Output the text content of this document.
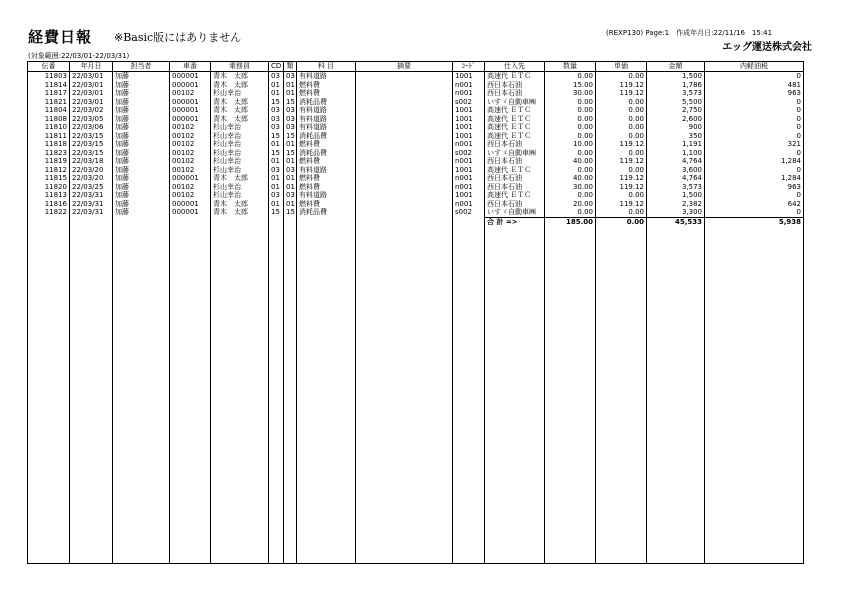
経費日報 ※Basic版にはありません	(REXP130) Page:1　作成年月日:22/11/16　15:41
エッグ運送株式会社
(対象範囲:22/03/01-22/03/31)
伝番	年月日	担当者	車番	乗務員	CD	類	科 目	摘要	ｺｰﾄﾞ	仕入先	数量	単価	金額	内軽油税
11803	22/03/01	加藤	000001	青木　太郎	03	03	有料道路		1001	高速代 ＥＴＣ	0.00	0.00	1,500	0
11814	22/03/01	加藤	000001	青木　太郎	01	01	燃料費		n001	西日本石油	15.00	119.12	1,786	481
11817	22/03/01	加藤	00102	杉山幸治	01	01	燃料費		n001	西日本石油	30.00	119.12	3,573	963
11821	22/03/01	加藤	000001	青木　太郎	15	15	消耗品費		s002	いすゞ自動車㈱	0.00	0.00	5,500	0
11804	22/03/02	加藤	000001	青木　太郎	03	03	有料道路		1001	高速代 ＥＴＣ	0.00	0.00	2,750	0
11808	22/03/05	加藤	000001	青木　太郎	03	03	有料道路		1001	高速代 ＥＴＣ	0.00	0.00	2,600	0
11810	22/03/06	加藤	00102	杉山幸治	03	03	有料道路		1001	高速代 ＥＴＣ	0.00	0.00	900	0
11811	22/03/15	加藤	00102	杉山幸治	15	15	消耗品費		1001	高速代 ＥＴＣ	0.00	0.00	350	0
11818	22/03/15	加藤	00102	杉山幸治	01	01	燃料費		n001	西日本石油	10.00	119.12	1,191	321
11823	22/03/15	加藤	00102	杉山幸治	15	15	消耗品費		s002	いすゞ自動車㈱	0.00	0.00	1,100	0
11819	22/03/18	加藤	00102	杉山幸治	01	01	燃料費		n001	西日本石油	40.00	119.12	4,764	1,284
11812	22/03/20	加藤	00102	杉山幸治	03	03	有料道路		1001	高速代 ＥＴＣ	0.00	0.00	3,600	0
11815	22/03/20	加藤	000001	青木　太郎	01	01	燃料費		n001	西日本石油	40.00	119.12	4,764	1,284
11820	22/03/25	加藤	00102	杉山幸治	01	01	燃料費		n001	西日本石油	30.00	119.12	3,573	963
11813	22/03/31	加藤	00102	杉山幸治	03	03	有料道路		1001	高速代 ＥＴＣ	0.00	0.00	1,500	0
11816	22/03/31	加藤	000001	青木　太郎	01	01	燃料費		n001	西日本石油	20.00	119.12	2,382	642
11822	22/03/31	加藤	000001	青木　太郎	15	15	消耗品費		s002	いすゞ自動車㈱	0.00	0.00	3,300	0
										合 計 =>	185.00	0.00	45,533	5,938
